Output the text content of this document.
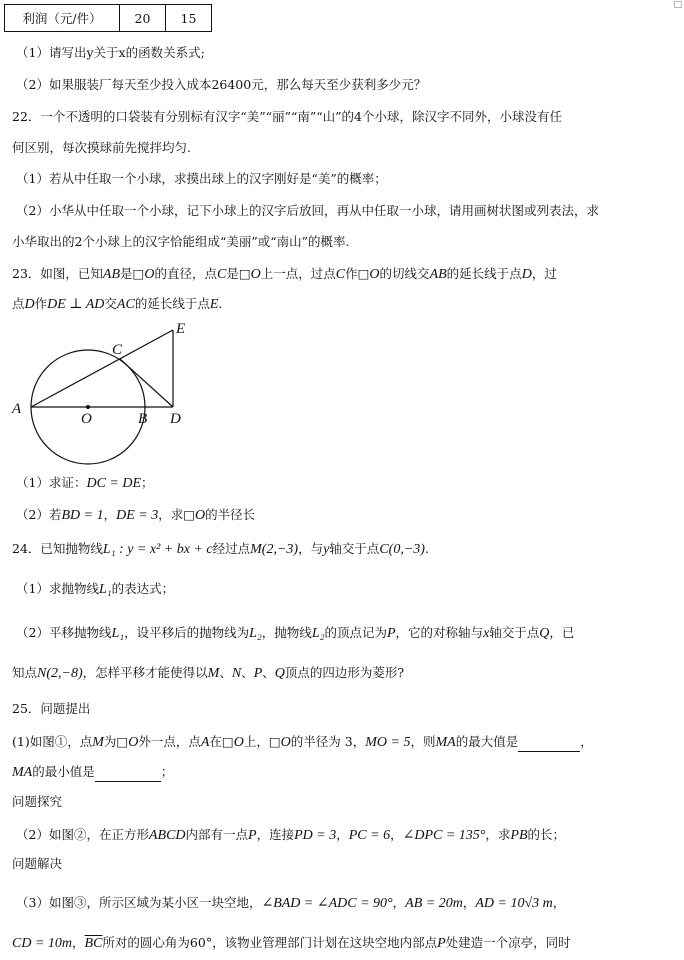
□
利润（元/件）	20	15
（1）请写出y关于x的函数关系式;
（2）如果服装厂每天至少投入成本26400元，那么每天至少获利多少元？
22．一个不透明的口袋装有分别标有汉字“美”“丽”“南”“山”的4个小球，除汉字不同外，小球没有任
何区别，每次摸球前先搅拌均匀.
（1）若从中任取一个小球，求摸出球上的汉字刚好是“美”的概率；
（2）小华从中任取一个小球，记下小球上的汉字后放回，再从中任取一小球，请用画树状图或列表法，求
小华取出的2个小球上的汉字恰能组成“美丽”或“南山”的概率.
23．如图，已知AB是□O的直径，点C是□O上一点，过点C作□O的切线交AB的延长线于点D，过
点D作DE ⊥ AD交AC的延长线于点E.
A
O	B
C
D
E
（1）求证：DC = DE；
（2）若BD = 1，DE = 3，求□O的半径长
24．已知抛物线L₁ : y = x² + bx + c经过点M(2,−3)，与y轴交于点C(0,−3).
（1）求抛物线L₁的表达式；
（2）平移抛物线L₁，设平移后的抛物线为L₂，抛物线L₂的顶点记为P，它的对称轴与x轴交于点Q，已
知点N(2,−8)，怎样平移才能使得以M、N、P、Q顶点的四边形为菱形?
25．问题提出
(1)如图①，点M为□O外一点，点A在□O上，□O的半径为 3，MO = 5，则MA的最大值是	，
MA的最小值是	；
问题探究
（2）如图②，在正方形ABCD内部有一点P，连接PD = 3，PC = 6，∠DPC = 135°，求PB的长；
问题解决
（3）如图③，所示区域为某小区一块空地，∠BAD = ∠ADC = 90°，AB = 20m，AD = 10√3 m，
CD = 10m，$\overline{BC}$所对的圆心角为60°，该物业管理部门计划在这块空地内部点P处建造一个凉亭，同时
